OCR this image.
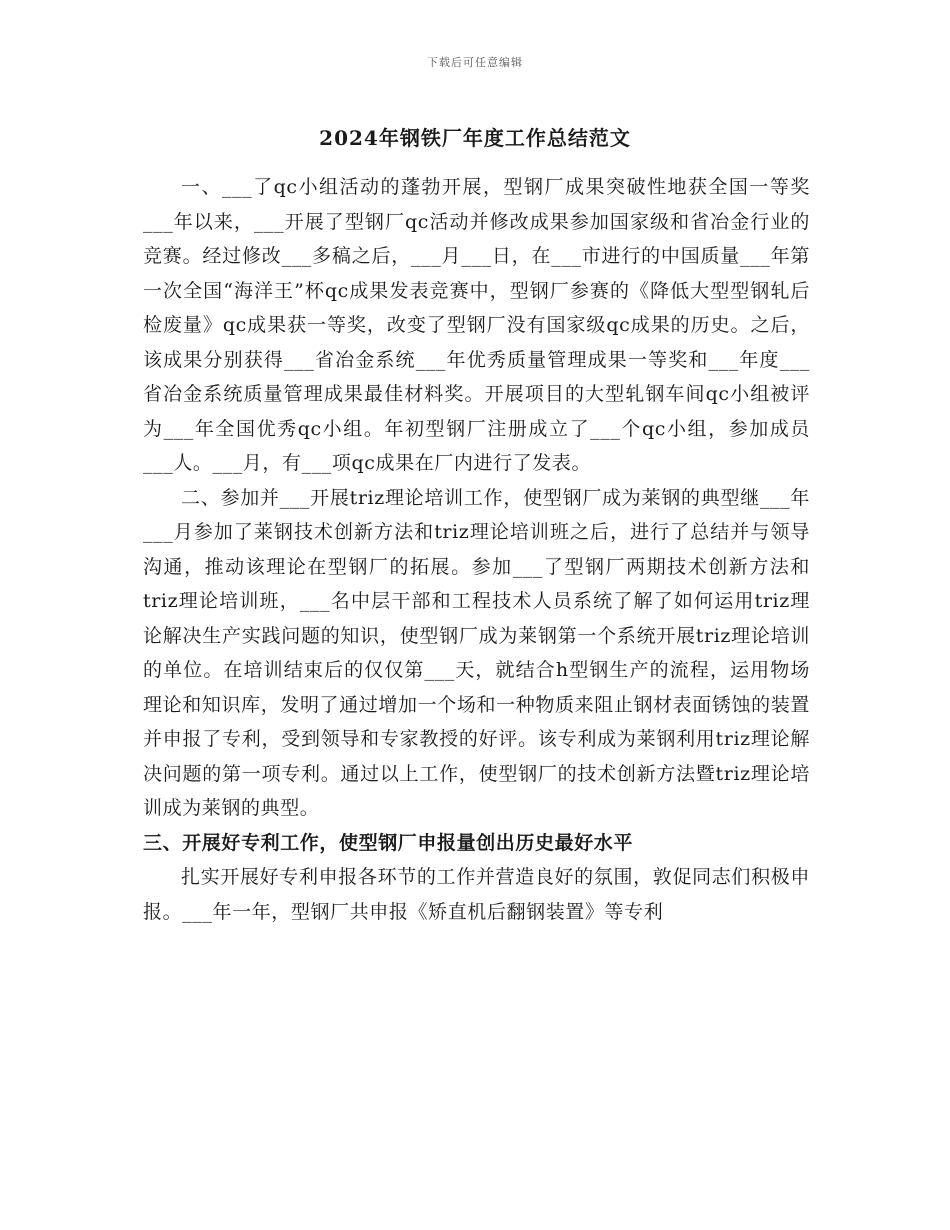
下载后可任意编辑
2024年钢铁厂年度工作总结范文

一、___了qc小组活动的蓬勃开展，型钢厂成果突破性地获全国一等奖___年以来，___开展了型钢厂qc活动并修改成果参加国家级和省冶金行业的竞赛。经过修改___多稿之后，___月___日，在___市进行的中国质量___年第一次全国“海洋王”杯qc成果发表竞赛中，型钢厂参赛的《降低大型型钢轧后检废量》qc成果获一等奖，改变了型钢厂没有国家级qc成果的历史。之后，该成果分别获得___省冶金系统___年优秀质量管理成果一等奖和___年度___省冶金系统质量管理成果最佳材料奖。开展项目的大型轧钢车间qc小组被评为___年全国优秀qc小组。年初型钢厂注册成立了___个qc小组，参加成员___人。___月，有___项qc成果在厂内进行了发表。

二、参加并___开展triz理论培训工作，使型钢厂成为莱钢的典型继___年___月参加了莱钢技术创新方法和triz理论培训班之后，进行了总结并与领导沟通，推动该理论在型钢厂的拓展。参加___了型钢厂两期技术创新方法和triz理论培训班，___名中层干部和工程技术人员系统了解了如何运用triz理论解决生产实践问题的知识，使型钢厂成为莱钢第一个系统开展triz理论培训的单位。在培训结束后的仅仅第___天，就结合h型钢生产的流程，运用物场理论和知识库，发明了通过增加一个场和一种物质来阻止钢材表面锈蚀的装置并申报了专利，受到领导和专家教授的好评。该专利成为莱钢利用triz理论解决问题的第一项专利。通过以上工作，使型钢厂的技术创新方法暨triz理论培训成为莱钢的典型。

三、开展好专利工作，使型钢厂申报量创出历史最好水平

扎实开展好专利申报各环节的工作并营造良好的氛围，敦促同志们积极申报。___年一年，型钢厂共申报《矫直机后翻钢装置》等专利
